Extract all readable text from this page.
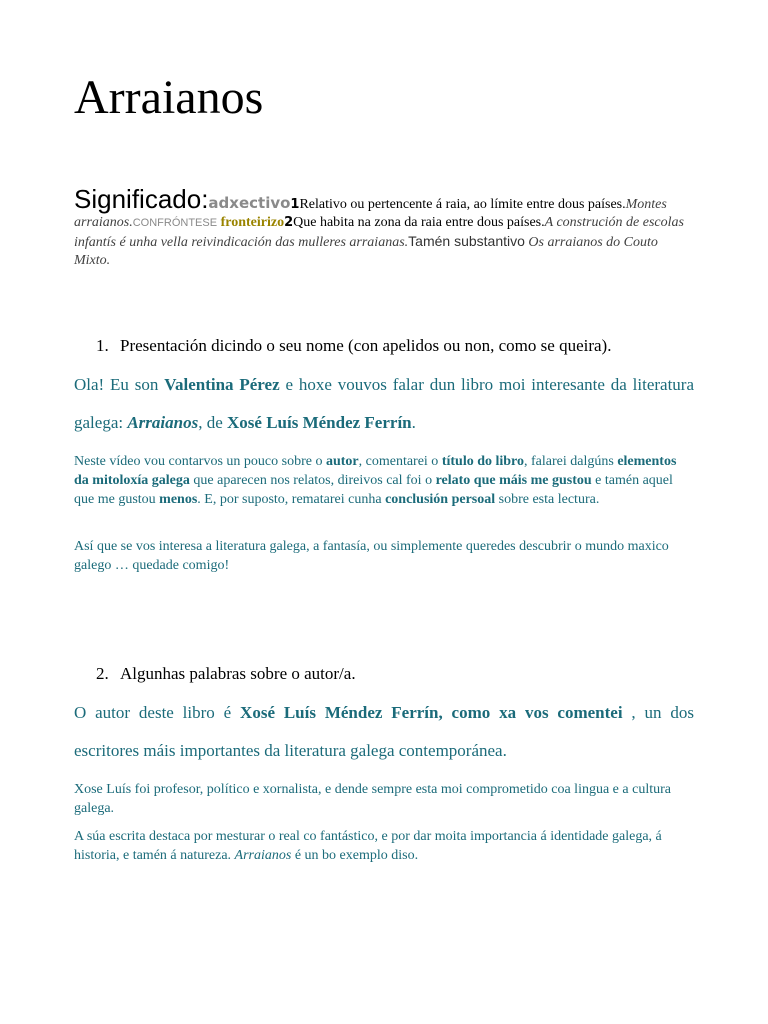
Arraianos
Significado:adxectivo1Relativo ou pertencente á raia, ao límite entre dous países.Montes arraianos.CONFRÓNTESE fronteirizo2Que habita na zona da raia entre dous países.A construción de escolas infantís é unha vella reivindicación das mulleres arraianas.Tamén substantivo Os arraianos do Couto Mixto.
1. Presentación dicindo o seu nome (con apelidos ou non, como se queira).
Ola! Eu son Valentina Pérez e hoxe vouvos falar dun libro moi interesante da literatura galega: Arraianos, de Xosé Luís Méndez Ferrín.
Neste vídeo vou contarvos un pouco sobre o autor, comentarei o título do libro, falarei dalgúns elementos da mitoloxía galega que aparecen nos relatos, direivos cal foi o relato que máis me gustou e tamén aquel que me gustou menos. E, por suposto, rematarei cunha conclusión persoal sobre esta lectura.
Así que se vos interesa a literatura galega, a fantasía, ou simplemente queredes descubrir o mundo maxico galego … quedade comigo!
2. Algunhas palabras sobre o autor/a.
O autor deste libro é Xosé Luís Méndez Ferrín, como xa vos comentei , un dos escritores máis importantes da literatura galega contemporánea.
Xose Luís foi profesor, político e xornalista, e dende sempre esta moi comprometido coa lingua e a cultura galega.
A súa escrita destaca por mesturar o real co fantástico, e por dar moita importancia á identidade galega, á historia, e tamén á natureza. Arraianos é un bo exemplo diso.
